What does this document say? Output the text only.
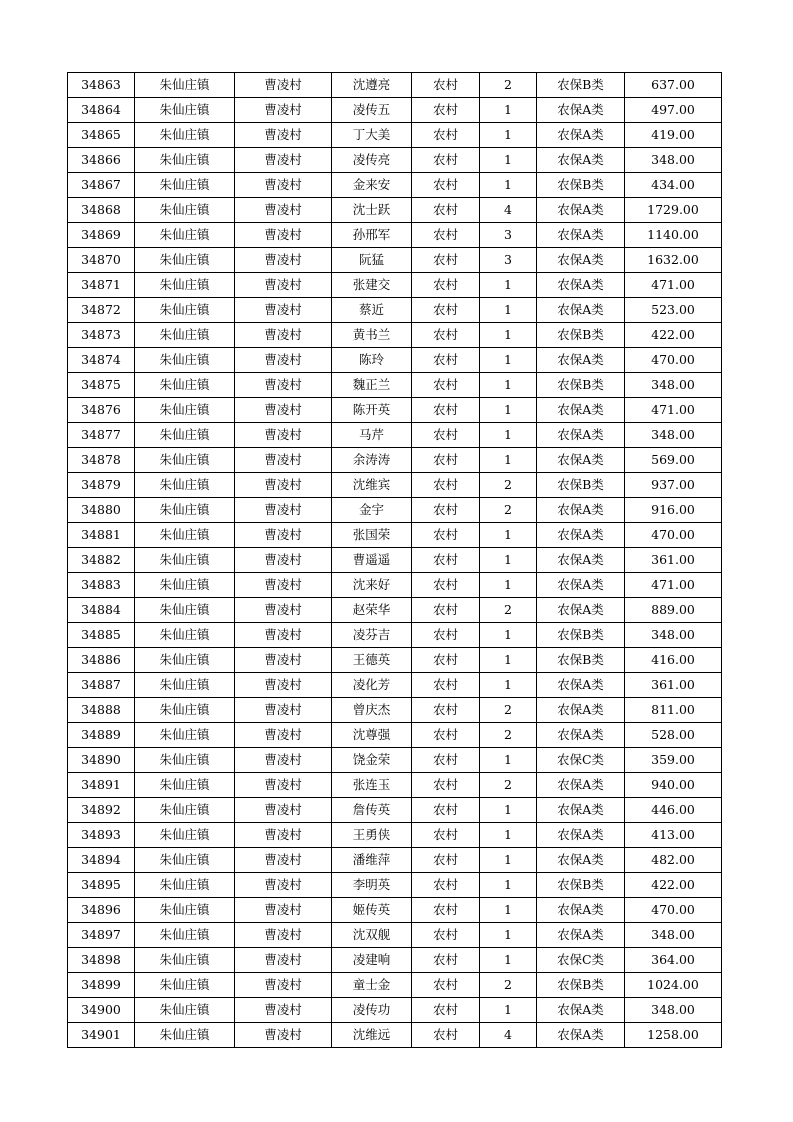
34863	朱仙庄镇	曹凌村	沈遵亮	农村	2	农保B类	637.00
34864	朱仙庄镇	曹凌村	凌传五	农村	1	农保A类	497.00
34865	朱仙庄镇	曹凌村	丁大美	农村	1	农保A类	419.00
34866	朱仙庄镇	曹凌村	凌传亮	农村	1	农保A类	348.00
34867	朱仙庄镇	曹凌村	金来安	农村	1	农保B类	434.00
34868	朱仙庄镇	曹凌村	沈士跃	农村	4	农保A类	1729.00
34869	朱仙庄镇	曹凌村	孙邢军	农村	3	农保A类	1140.00
34870	朱仙庄镇	曹凌村	阮猛	农村	3	农保A类	1632.00
34871	朱仙庄镇	曹凌村	张建交	农村	1	农保A类	471.00
34872	朱仙庄镇	曹凌村	蔡近	农村	1	农保A类	523.00
34873	朱仙庄镇	曹凌村	黄书兰	农村	1	农保B类	422.00
34874	朱仙庄镇	曹凌村	陈玲	农村	1	农保A类	470.00
34875	朱仙庄镇	曹凌村	魏正兰	农村	1	农保B类	348.00
34876	朱仙庄镇	曹凌村	陈开英	农村	1	农保A类	471.00
34877	朱仙庄镇	曹凌村	马芹	农村	1	农保A类	348.00
34878	朱仙庄镇	曹凌村	余涛涛	农村	1	农保A类	569.00
34879	朱仙庄镇	曹凌村	沈维宾	农村	2	农保B类	937.00
34880	朱仙庄镇	曹凌村	金宇	农村	2	农保A类	916.00
34881	朱仙庄镇	曹凌村	张国荣	农村	1	农保A类	470.00
34882	朱仙庄镇	曹凌村	曹遥遥	农村	1	农保A类	361.00
34883	朱仙庄镇	曹凌村	沈来好	农村	1	农保A类	471.00
34884	朱仙庄镇	曹凌村	赵荣华	农村	2	农保A类	889.00
34885	朱仙庄镇	曹凌村	凌芬吉	农村	1	农保B类	348.00
34886	朱仙庄镇	曹凌村	王德英	农村	1	农保B类	416.00
34887	朱仙庄镇	曹凌村	凌化芳	农村	1	农保A类	361.00
34888	朱仙庄镇	曹凌村	曾庆杰	农村	2	农保A类	811.00
34889	朱仙庄镇	曹凌村	沈尊强	农村	2	农保A类	528.00
34890	朱仙庄镇	曹凌村	饶金荣	农村	1	农保C类	359.00
34891	朱仙庄镇	曹凌村	张连玉	农村	2	农保A类	940.00
34892	朱仙庄镇	曹凌村	詹传英	农村	1	农保A类	446.00
34893	朱仙庄镇	曹凌村	王勇侠	农村	1	农保A类	413.00
34894	朱仙庄镇	曹凌村	潘维萍	农村	1	农保A类	482.00
34895	朱仙庄镇	曹凌村	李明英	农村	1	农保B类	422.00
34896	朱仙庄镇	曹凌村	姬传英	农村	1	农保A类	470.00
34897	朱仙庄镇	曹凌村	沈双舰	农村	1	农保A类	348.00
34898	朱仙庄镇	曹凌村	凌建响	农村	1	农保C类	364.00
34899	朱仙庄镇	曹凌村	童士金	农村	2	农保B类	1024.00
34900	朱仙庄镇	曹凌村	凌传功	农村	1	农保A类	348.00
34901	朱仙庄镇	曹凌村	沈维远	农村	4	农保A类	1258.00
